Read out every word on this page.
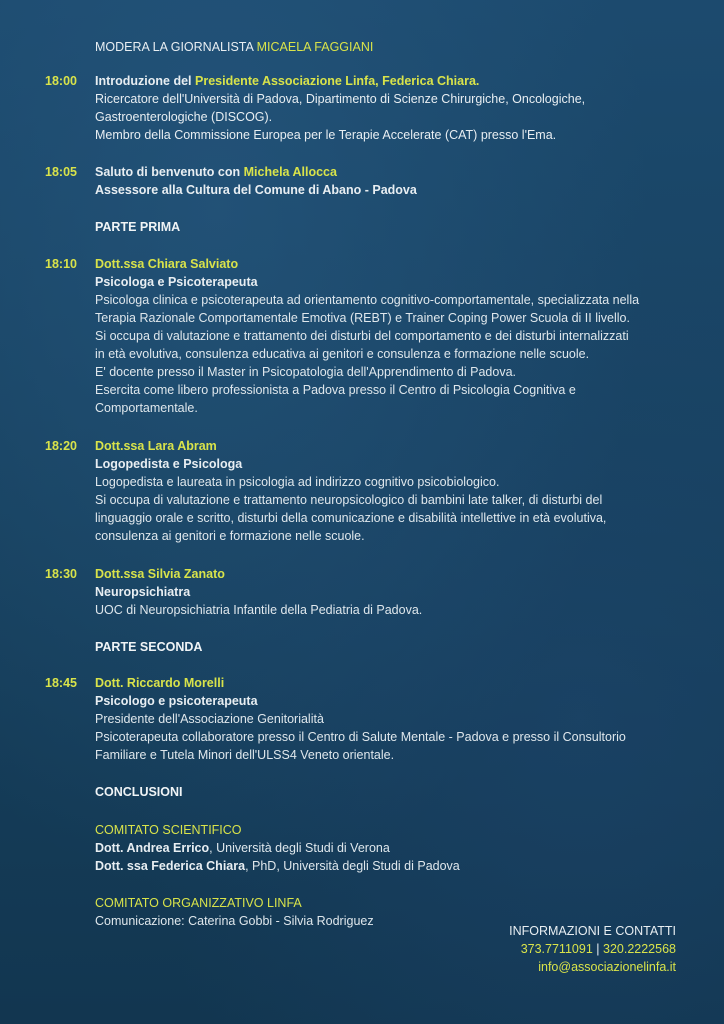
MODERA LA GIORNALISTA MICAELA FAGGIANI
18:00 Introduzione del Presidente Associazione Linfa, Federica Chiara.
Ricercatore dell'Università di Padova, Dipartimento di Scienze Chirurgiche, Oncologiche,
Gastroenterologiche (DISCOG).
Membro della Commissione Europea per le Terapie Accelerate (CAT) presso l'Ema.
18:05 Saluto di benvenuto con Michela Allocca
Assessore alla Cultura del Comune di Abano - Padova
PARTE PRIMA
18:10 Dott.ssa Chiara Salviato
Psicologa e Psicoterapeuta
Psicologa clinica e psicoterapeuta ad orientamento cognitivo-comportamentale, specializzata nella
Terapia Razionale Comportamentale Emotiva (REBT) e Trainer Coping Power Scuola di II livello.
Si occupa di valutazione e trattamento dei disturbi del comportamento e dei disturbi internalizzati
in età evolutiva, consulenza educativa ai genitori e consulenza e formazione nelle scuole.
E' docente presso il Master in Psicopatologia dell'Apprendimento di Padova.
Esercita come libero professionista a Padova presso il Centro di Psicologia Cognitiva e
Comportamentale.
18:20 Dott.ssa Lara Abram
Logopedista e Psicologa
Logopedista e laureata in psicologia ad indirizzo cognitivo psicobiologico.
Si occupa di valutazione e trattamento neuropsicologico di bambini late talker, di disturbi del
linguaggio orale e scritto, disturbi della comunicazione e disabilità intellettive in età evolutiva,
consulenza ai genitori e formazione nelle scuole.
18:30 Dott.ssa Silvia Zanato
Neuropsichiatra
UOC di Neuropsichiatria Infantile della Pediatria di Padova.
PARTE SECONDA
18:45 Dott. Riccardo Morelli
Psicologo e psicoterapeuta
Presidente dell'Associazione Genitorialità
Psicoterapeuta collaboratore presso il Centro di Salute Mentale - Padova e presso il Consultorio
Familiare e Tutela Minori dell'ULSS4 Veneto orientale.
CONCLUSIONI
COMITATO SCIENTIFICO
Dott. Andrea Errico, Università degli Studi di Verona
Dott. ssa Federica Chiara, PhD, Università degli Studi di Padova
COMITATO ORGANIZZATIVO LINFA
Comunicazione: Caterina Gobbi - Silvia Rodriguez
INFORMAZIONI E CONTATTI
373.7711091 | 320.2222568
info@associazionelinfa.it
